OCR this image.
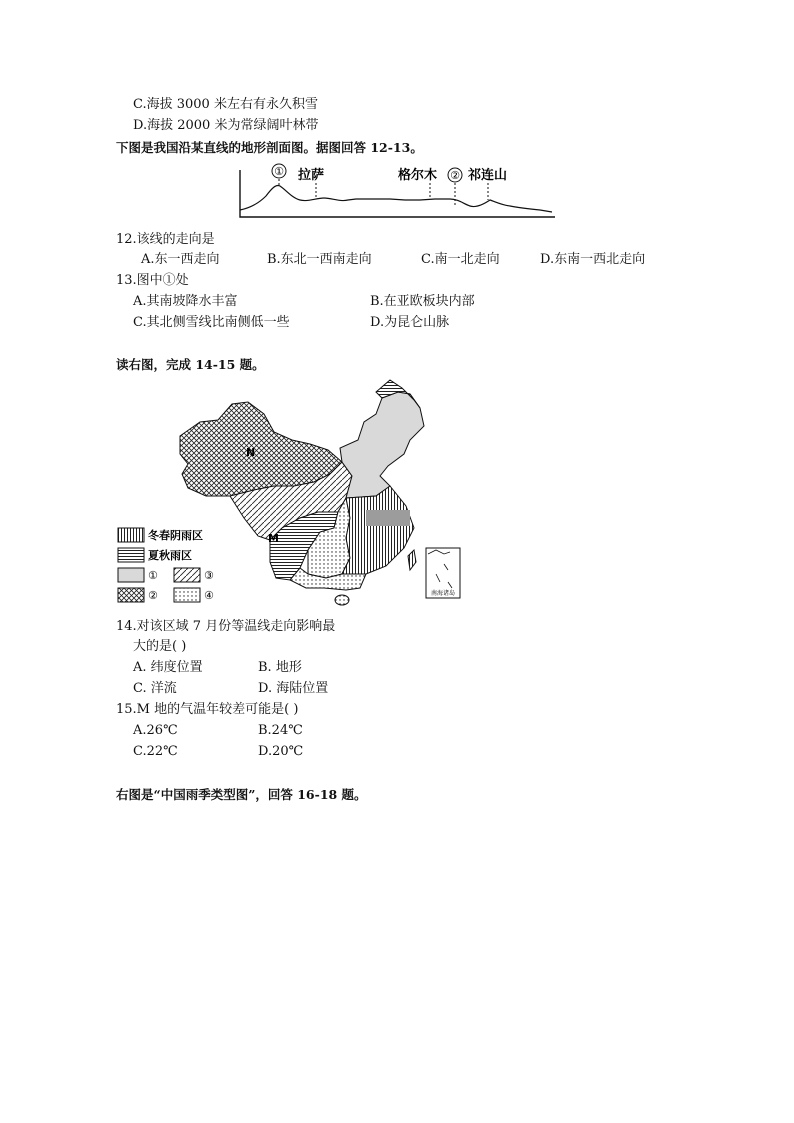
C.海拔 3000 米左右有永久积雪
D.海拔 2000 米为常绿阔叶林带
下图是我国沿某直线的地形剖面图。据图回答 12-13。
① 拉萨	格尔木 ② 祁连山
12.该线的走向是
A.东一西走向	B.东北一西南走向	C.南一北走向	D.东南一西北走向
13.图中①处
A.其南坡降水丰富	B.在亚欧板块内部
C.其北侧雪线比南侧低一些	D.为昆仑山脉
读右图，完成 14-15 题。
N
M
南海诸岛
冬春阴雨区
夏秋雨区
①	③
②	④
14.对该区域 7 月份等温线走向影响最
大的是( )
A. 纬度位置	B. 地形
C. 洋流	D. 海陆位置
15.M 地的气温年较差可能是( )
A.26℃	B.24℃
C.22℃	D.20℃
右图是“中国雨季类型图”，回答 16-18 题。
